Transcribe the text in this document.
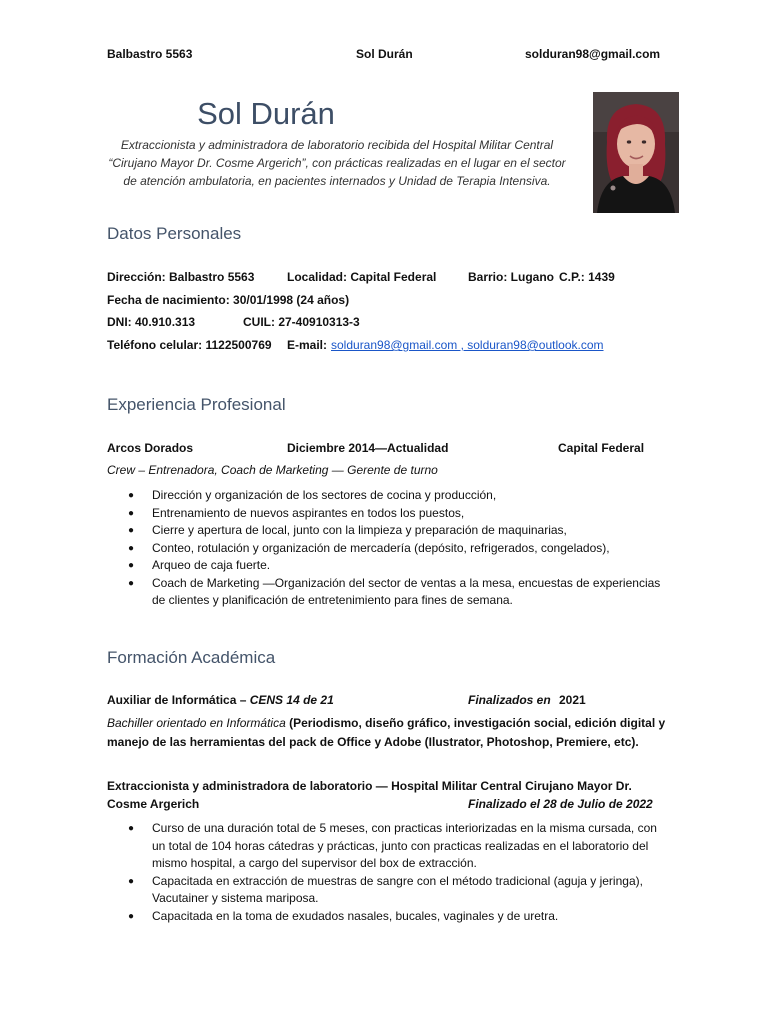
Balbastro 5563	Sol Durán	solduran98@gmail.com
Sol Durán
Extraccionista y administradora de laboratorio recibida del Hospital Militar Central “Cirujano Mayor Dr. Cosme Argerich”, con prácticas realizadas en el lugar en el sector de atención ambulatoria, en pacientes internados y Unidad de Terapia Intensiva.
Datos Personales
Dirección: Balbastro 5563	Localidad: Capital Federal	Barrio: Lugano C.P.: 1439
Fecha de nacimiento: 30/01/1998 (24 años)
DNI: 40.910.313	CUIL: 27-40910313-3
Teléfono celular: 1122500769 E-mail: solduran98@gmail.com , solduran98@outlook.com
Experiencia Profesional
Arcos Dorados	Diciembre 2014—Actualidad	Capital Federal
Crew – Entrenadora, Coach de Marketing — Gerente de turno
● Dirección y organización de los sectores de cocina y producción,
● Entrenamiento de nuevos aspirantes en todos los puestos,
● Cierre y apertura de local, junto con la limpieza y preparación de maquinarias,
● Conteo, rotulación y organización de mercadería (depósito, refrigerados, congelados),
● Arqueo de caja fuerte.
● Coach de Marketing —Organización del sector de ventas a la mesa, encuestas de experiencias de clientes y planificación de entretenimiento para fines de semana.
Formación Académica
Auxiliar de Informática – CENS 14 de 21	Finalizados en 2021
Bachiller orientado en Informática (Periodismo, diseño gráfico, investigación social, edición digital y manejo de las herramientas del pack de Office y Adobe (Ilustrator, Photoshop, Premiere, etc).
Extraccionista y administradora de laboratorio — Hospital Militar Central Cirujano Mayor Dr.
Cosme Argerich	Finalizado el 28 de Julio de 2022
● Curso de una duración total de 5 meses, con practicas interiorizadas en la misma cursada, con un total de 104 horas cátedras y prácticas, junto con practicas realizadas en el laboratorio del mismo hospital, a cargo del supervisor del box de extracción.
● Capacitada en extracción de muestras de sangre con el método tradicional (aguja y jeringa), Vacutainer y sistema mariposa.
● Capacitada en la toma de exudados nasales, bucales, vaginales y de uretra.
